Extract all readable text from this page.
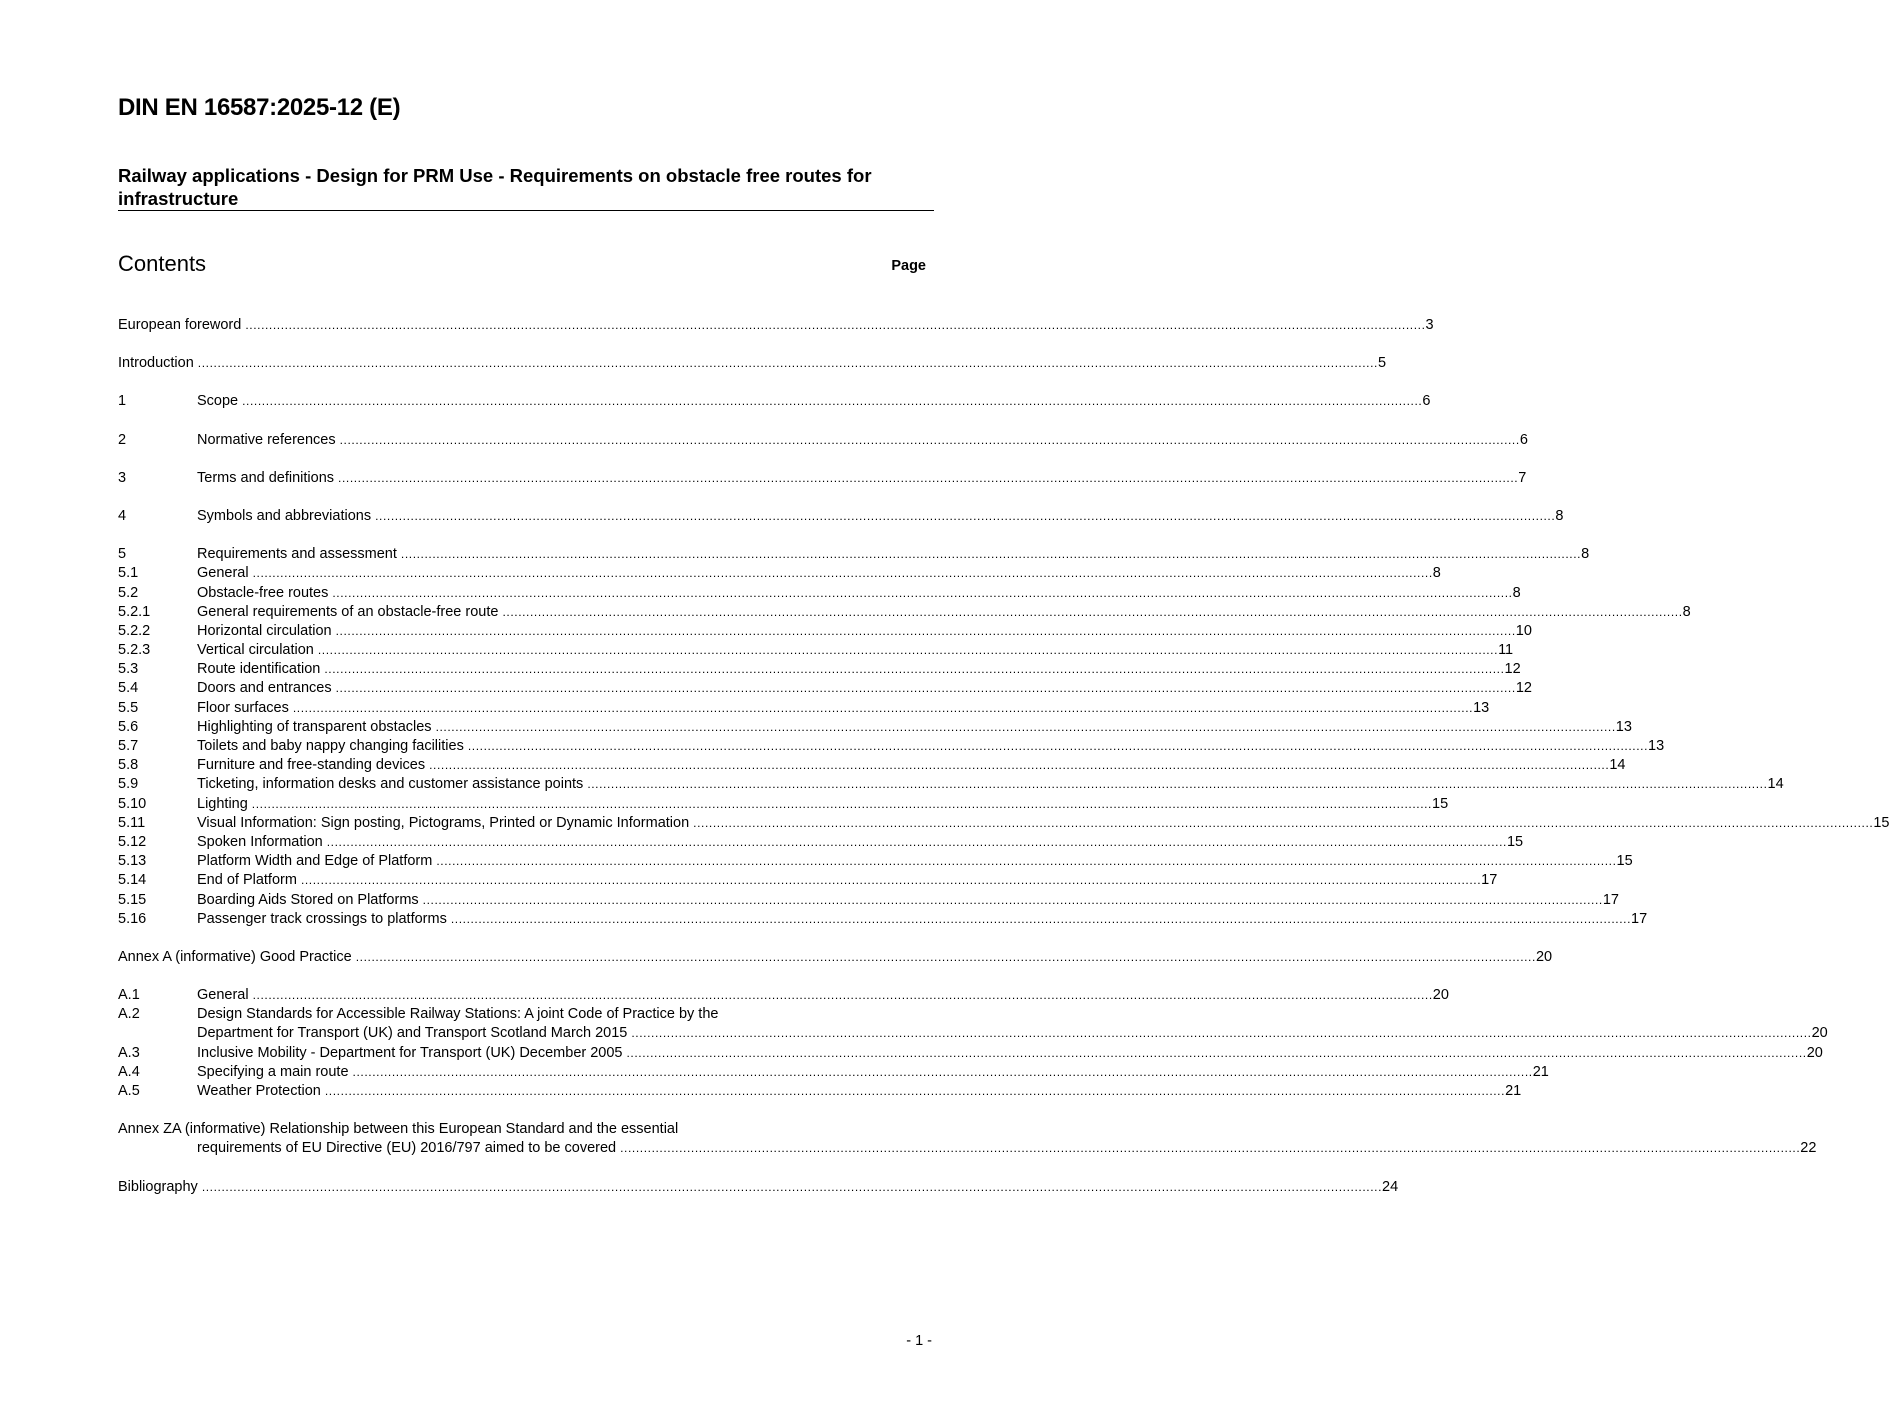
DIN EN 16587:2025-12 (E)
Railway applications - Design for PRM Use - Requirements on obstacle free routes for infrastructure
Contents	Page
European foreword ............................................................................................................................................................................................................................................................................................................ 3
Introduction ............................................................................................................................................................................................................................................................................................................ 5
1	Scope ............................................................................................................................................................................................................................................................................................................ 6
2	Normative references ............................................................................................................................................................................................................................................................................................................ 6
3	Terms and definitions ............................................................................................................................................................................................................................................................................................................ 7
4	Symbols and abbreviations ............................................................................................................................................................................................................................................................................................................ 8
5	Requirements and assessment ............................................................................................................................................................................................................................................................................................................ 8
5.1	General ............................................................................................................................................................................................................................................................................................................ 8
5.2	Obstacle-free routes ............................................................................................................................................................................................................................................................................................................ 8
5.2.1	General requirements of an obstacle-free route ............................................................................................................................................................................................................................................................................................................ 8
5.2.2	Horizontal circulation ............................................................................................................................................................................................................................................................................................................ 10
5.2.3	Vertical circulation ............................................................................................................................................................................................................................................................................................................ 11
5.3	Route identification ............................................................................................................................................................................................................................................................................................................ 12
5.4	Doors and entrances ............................................................................................................................................................................................................................................................................................................ 12
5.5	Floor surfaces ............................................................................................................................................................................................................................................................................................................ 13
5.6	Highlighting of transparent obstacles ............................................................................................................................................................................................................................................................................................................ 13
5.7	Toilets and baby nappy changing facilities ............................................................................................................................................................................................................................................................................................................ 13
5.8	Furniture and free-standing devices ............................................................................................................................................................................................................................................................................................................ 14
5.9	Ticketing, information desks and customer assistance points ............................................................................................................................................................................................................................................................................................................ 14
5.10	Lighting ............................................................................................................................................................................................................................................................................................................ 15
5.11	Visual Information: Sign posting, Pictograms, Printed or Dynamic Information ............................................................................................................................................................................................................................................................................................................ 15
5.12	Spoken Information ............................................................................................................................................................................................................................................................................................................ 15
5.13	Platform Width and Edge of Platform ............................................................................................................................................................................................................................................................................................................ 15
5.14	End of Platform ............................................................................................................................................................................................................................................................................................................ 17
5.15	Boarding Aids Stored on Platforms ............................................................................................................................................................................................................................................................................................................ 17
5.16	Passenger track crossings to platforms ............................................................................................................................................................................................................................................................................................................ 17
Annex A (informative) Good Practice ............................................................................................................................................................................................................................................................................................................ 20
A.1	General ............................................................................................................................................................................................................................................................................................................ 20
A.2	Design Standards for Accessible Railway Stations: A joint Code of Practice by the
Department for Transport (UK) and Transport Scotland March 2015 ............................................................................................................................................................................................................................................................................................................ 20
A.3	Inclusive Mobility - Department for Transport (UK) December 2005 ............................................................................................................................................................................................................................................................................................................ 20
A.4	Specifying a main route ............................................................................................................................................................................................................................................................................................................ 21
A.5	Weather Protection ............................................................................................................................................................................................................................................................................................................ 21
Annex ZA (informative) Relationship between this European Standard and the essential
requirements of EU Directive (EU) 2016/797 aimed to be covered ............................................................................................................................................................................................................................................................................................................ 22
Bibliography ............................................................................................................................................................................................................................................................................................................ 24
- 1 -
